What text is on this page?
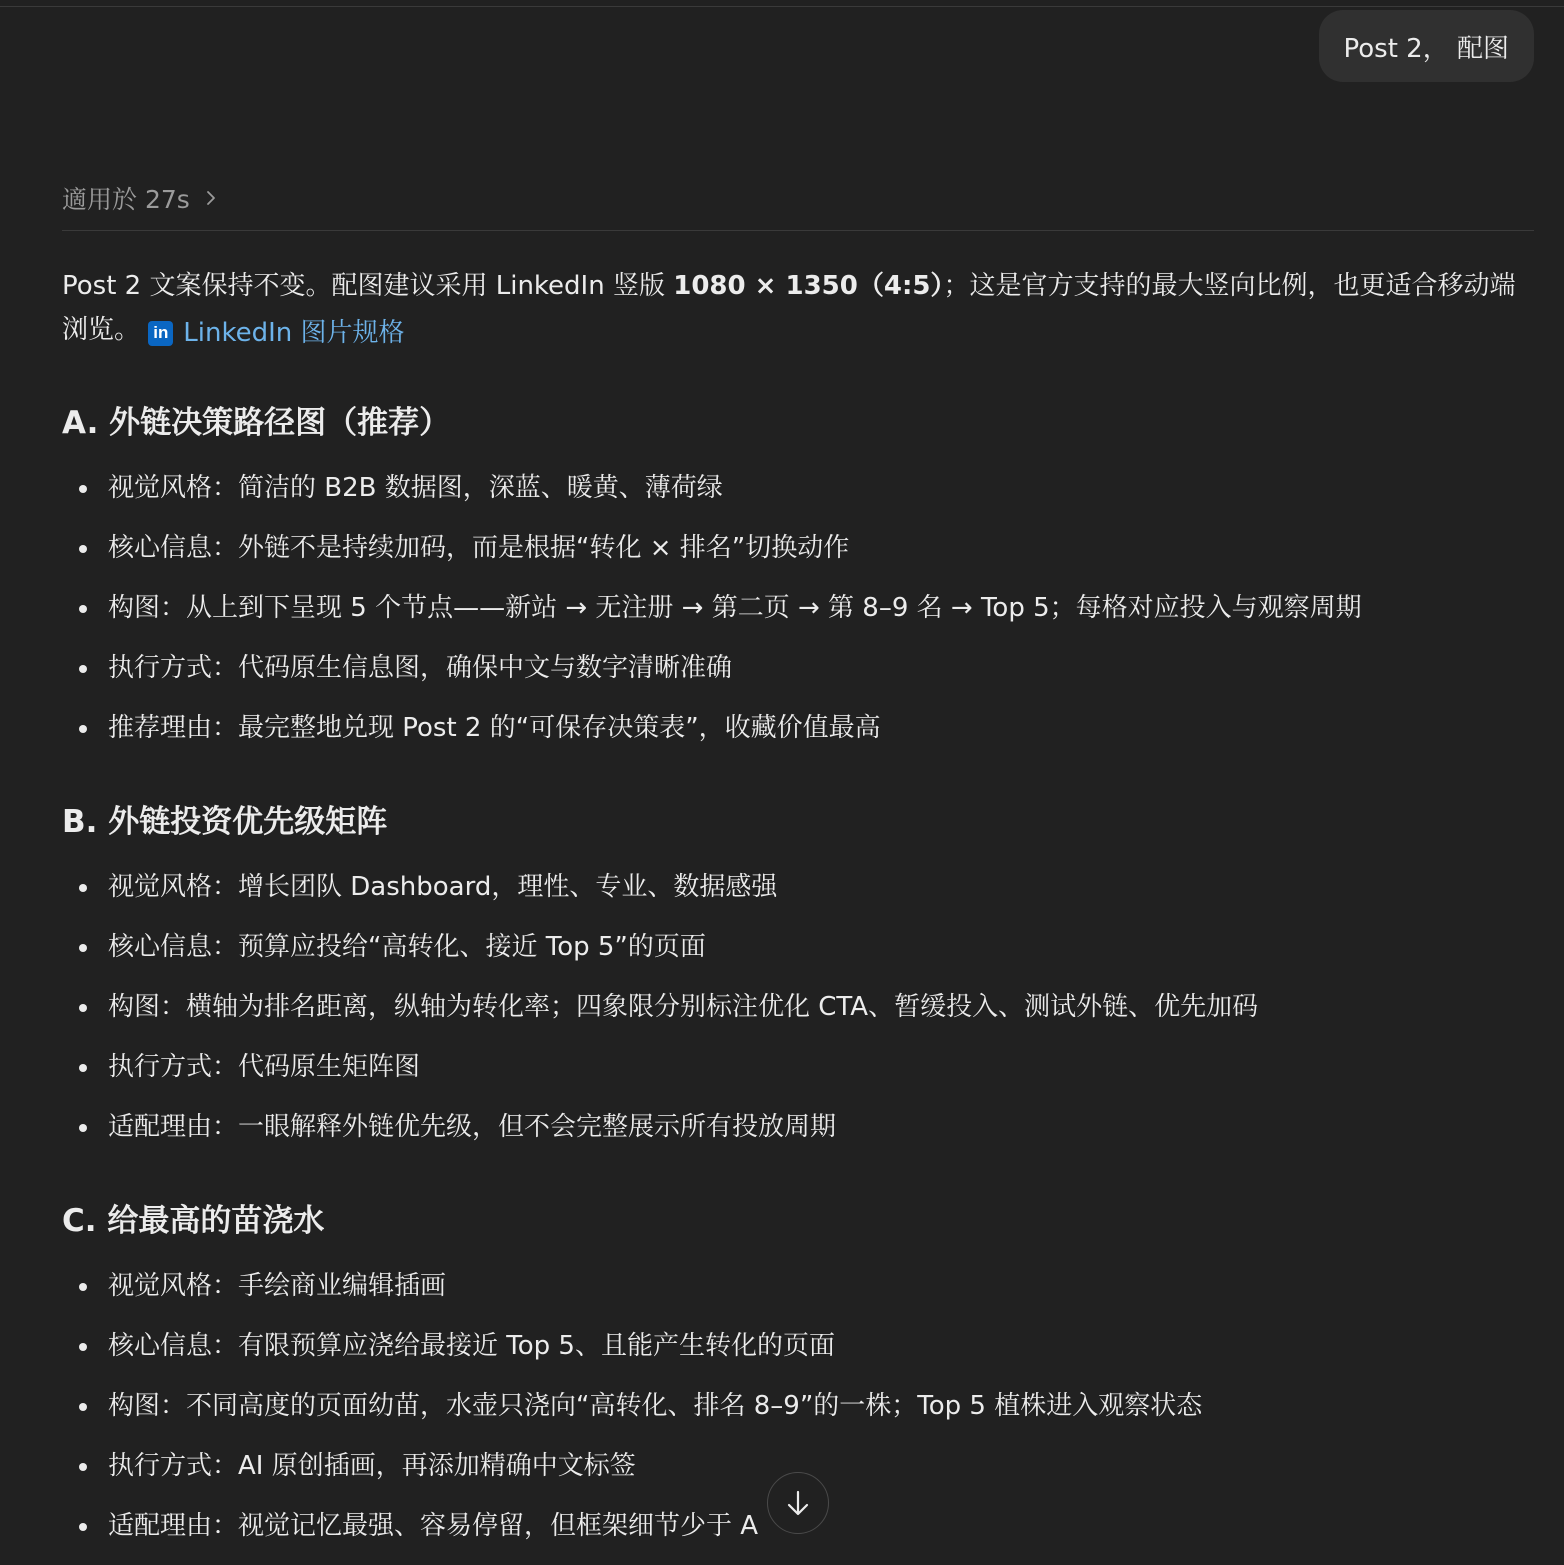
Post 2， 配图
適用於 27s

Post 2 文案保持不变。配图建议采用 LinkedIn 竖版 1080 × 1350（4:5）；这是官方支持的最大竖向比例，也更适合移动端浏览。 in LinkedIn 图片规格

A. 外链决策路径图（推荐）
视觉风格：简洁的 B2B 数据图，深蓝、暖黄、薄荷绿
核心信息：外链不是持续加码，而是根据“转化 × 排名”切换动作
构图：从上到下呈现 5 个节点——新站 → 无注册 → 第二页 → 第 8–9 名 → Top 5；每格对应投入与观察周期
执行方式：代码原生信息图，确保中文与数字清晰准确
推荐理由：最完整地兑现 Post 2 的“可保存决策表”，收藏价值最高
B. 外链投资优先级矩阵
视觉风格：增长团队 Dashboard，理性、专业、数据感强
核心信息：预算应投给“高转化、接近 Top 5”的页面
构图：横轴为排名距离，纵轴为转化率；四象限分别标注优化 CTA、暂缓投入、测试外链、优先加码
执行方式：代码原生矩阵图
适配理由：一眼解释外链优先级，但不会完整展示所有投放周期
C. 给最高的苗浇水
视觉风格：手绘商业编辑插画
核心信息：有限预算应浇给最接近 Top 5、且能产生转化的页面
构图：不同高度的页面幼苗，水壶只浇向“高转化、排名 8–9”的一株；Top 5 植株进入观察状态
执行方式：AI 原创插画，再添加精确中文标签
适配理由：视觉记忆最强、容易停留，但框架细节少于 A
